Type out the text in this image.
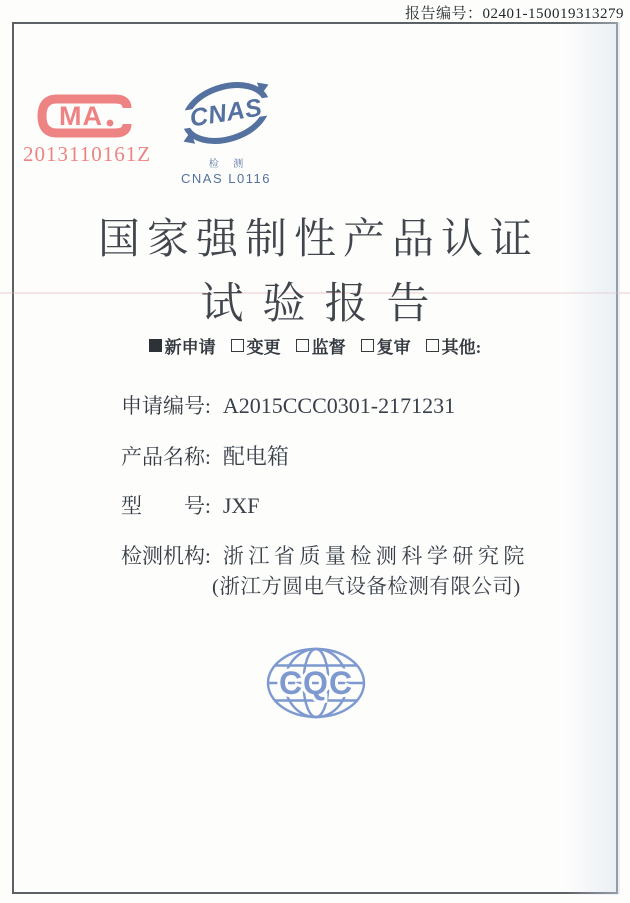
报告编号：02401-150019313279
MA
2013110161Z
CNAS
检 测
CNAS L0116
国家强制性产品认证
试验报告
新申请 变更 监督 复审 其他:
申请编号: A2015CCC0301-2171231
产品名称: 配电箱
型　　号: JXF
检测机构: 浙江省质量检测科学研究院
(浙江方圆电气设备检测有限公司)
CQC
